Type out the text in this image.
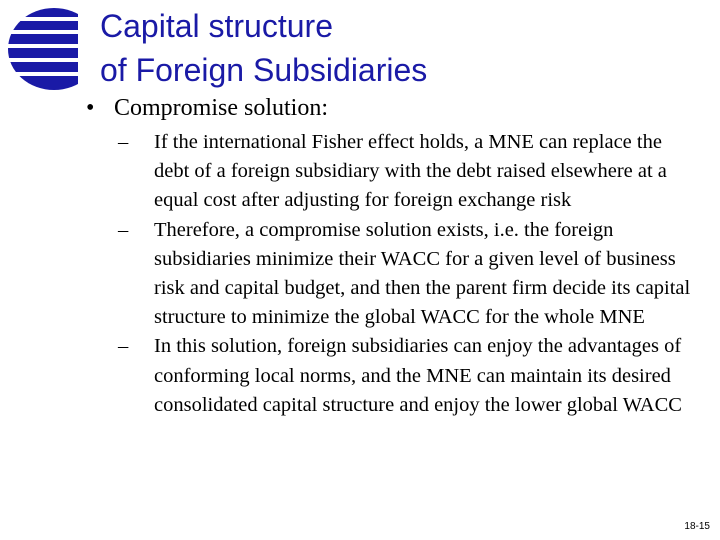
Capital structure
of Foreign Subsidiaries

• Compromise solution:

–	If the international Fisher effect holds, a MNE can replace the debt of a foreign subsidiary with the debt raised elsewhere at a equal cost after adjusting for foreign exchange risk
–	Therefore, a compromise solution exists, i.e. the foreign subsidiaries minimize their WACC for a given level of business risk and capital budget, and then the parent firm decide its capital structure to minimize the global WACC for the whole MNE
–	In this solution, foreign subsidiaries can enjoy the advantages of conforming local norms, and the MNE can maintain its desired consolidated capital structure and enjoy the lower global WACC
18-15
